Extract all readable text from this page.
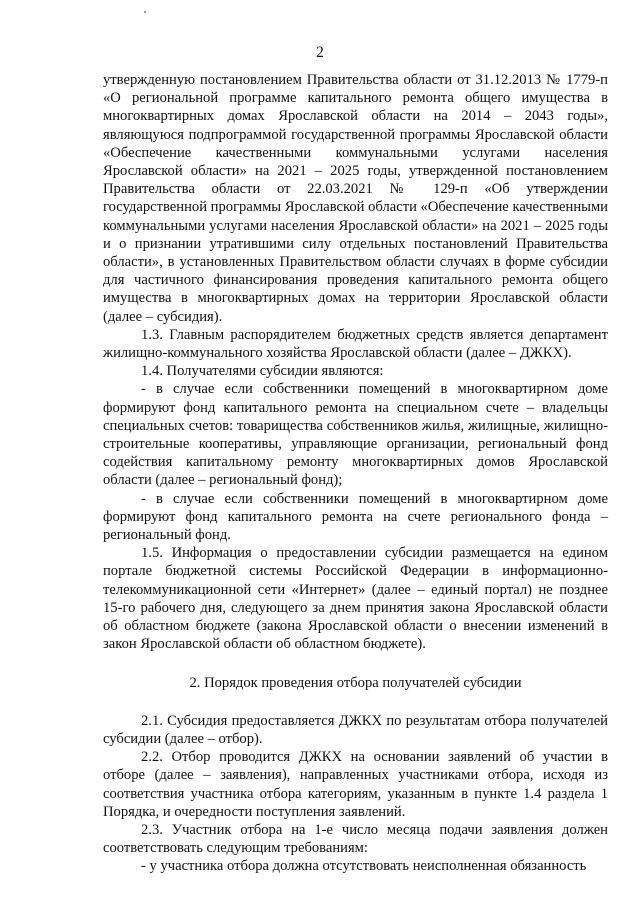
2

утвержденную постановлением Правительства области от 31.12.2013 № 1779-п «О региональной программе капитального ремонта общего имущества в многоквартирных домах Ярославской области на 2014 – 2043 годы», являющуюся подпрограммой государственной программы Ярославской области «Обеспечение качественными коммунальными услугами населения Ярославской области» на 2021 – 2025 годы, утвержденной постановлением Правительства области от 22.03.2021 № 129-п «Об утверждении государственной программы Ярославской области «Обеспечение качественными коммунальными услугами населения Ярославской области» на 2021 – 2025 годы и о признании утратившими силу отдельных постановлений Правительства области», в установленных Правительством области случаях в форме субсидии для частичного финансирования проведения капитального ремонта общего имущества в многоквартирных домах на территории Ярославской области (далее – субсидия).

1.3. Главным распорядителем бюджетных средств является департамент жилищно-коммунального хозяйства Ярославской области (далее – ДЖКХ).

1.4. Получателями субсидии являются:

- в случае если собственники помещений в многоквартирном доме формируют фонд капитального ремонта на специальном счете – владельцы специальных счетов: товарищества собственников жилья, жилищные, жилищно-строительные кооперативы, управляющие организации, региональный фонд содействия капитальному ремонту многоквартирных домов Ярославской области (далее – региональный фонд);

- в случае если собственники помещений в многоквартирном доме формируют фонд капитального ремонта на счете регионального фонда – региональный фонд.

1.5. Информация о предоставлении субсидии размещается на едином портале бюджетной системы Российской Федерации в информационно-телекоммуникационной сети «Интернет» (далее – единый портал) не позднее 15-го рабочего дня, следующего за днем принятия закона Ярославской области об областном бюджете (закона Ярославской области о внесении изменений в закон Ярославской области об областном бюджете).

2. Порядок проведения отбора получателей субсидии

2.1. Субсидия предоставляется ДЖКХ по результатам отбора получателей субсидии (далее – отбор).

2.2. Отбор проводится ДЖКХ на основании заявлений об участии в отборе (далее – заявления), направленных участниками отбора, исходя из соответствия участника отбора категориям, указанным в пункте 1.4 раздела 1 Порядка, и очередности поступления заявлений.

2.3. Участник отбора на 1-е число месяца подачи заявления должен соответствовать следующим требованиям:

- у участника отбора должна отсутствовать неисполненная обязанность
